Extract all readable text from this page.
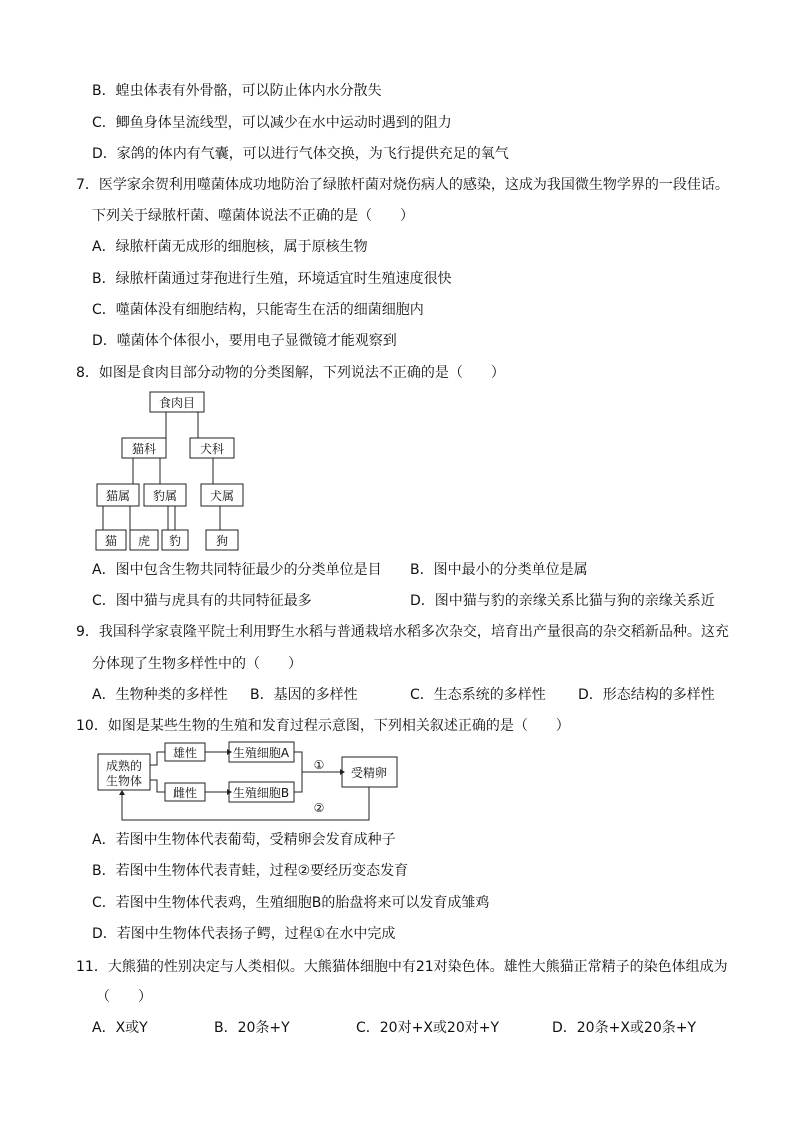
B．蝗虫体表有外骨骼，可以防止体内水分散失
C．鲫鱼身体呈流线型，可以减少在水中运动时遇到的阻力
D．家鸽的体内有气囊，可以进行气体交换，为飞行提供充足的氧气
7．医学家余贺利用噬菌体成功地防治了绿脓杆菌对烧伤病人的感染，这成为我国微生物学界的一段佳话。
下列关于绿脓杆菌、噬菌体说法不正确的是（　　）
A．绿脓杆菌无成形的细胞核，属于原核生物
B．绿脓杆菌通过芽孢进行生殖，环境适宜时生殖速度很快
C．噬菌体没有细胞结构，只能寄生在活的细菌细胞内
D．噬菌体个体很小，要用电子显微镜才能观察到
8．如图是食肉目部分动物的分类图解，下列说法不正确的是（　　）
食肉目
猫科	犬科
猫属 豹属	犬属
猫 虎 豹	狗
成熟的
生物体
雄性
雌性
生殖细胞A
生殖细胞B
受精卵
①
②
A．图中包含生物共同特征最少的分类单位是目 B．图中最小的分类单位是属
C．图中猫与虎具有的共同特征最多	D．图中猫与豹的亲缘关系比猫与狗的亲缘关系近
9．我国科学家袁隆平院士利用野生水稻与普通栽培水稻多次杂交，培育出产量很高的杂交稻新品种。这充
分体现了生物多样性中的（　　）
A．生物种类的多样性 B．基因的多样性	C．生态系统的多样性 D．形态结构的多样性
10．如图是某些生物的生殖和发育过程示意图，下列相关叙述正确的是（　　）
A．若图中生物体代表葡萄，受精卵会发育成种子
B．若图中生物体代表青蛙，过程②要经历变态发育
C．若图中生物体代表鸡，生殖细胞B的胎盘将来可以发育成雏鸡
D．若图中生物体代表扬子鳄，过程①在水中完成
11．大熊猫的性别决定与人类相似。大熊猫体细胞中有21对染色体。雄性大熊猫正常精子的染色体组成为
（　　）
A．X或Y	B．20条+Y	C．20对+X或20对+Y	D．20条+X或20条+Y
